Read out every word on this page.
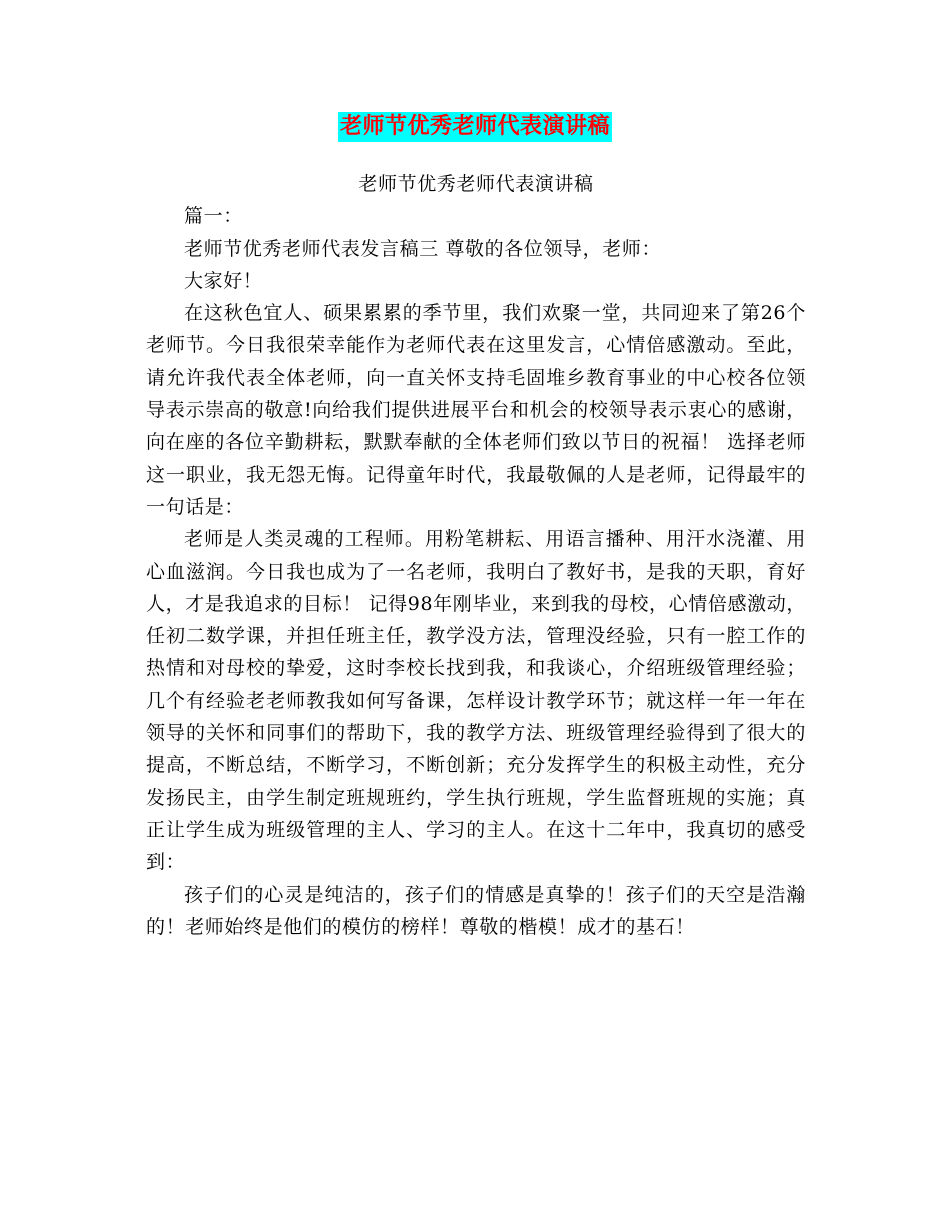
老师节优秀老师代表演讲稿

老师节优秀老师代表演讲稿

篇一：

老师节优秀老师代表发言稿三 尊敬的各位领导，老师：

大家好！

在这秋色宜人、硕果累累的季节里，我们欢聚一堂，共同迎来了第26个老师节。今日我很荣幸能作为老师代表在这里发言，心情倍感激动。至此，请允许我代表全体老师，向一直关怀支持毛固堆乡教育事业的中心校各位领导表示崇高的敬意!向给我们提供进展平台和机会的校领导表示衷心的感谢，向在座的各位辛勤耕耘，默默奉献的全体老师们致以节日的祝福！ 选择老师这一职业，我无怨无悔。记得童年时代，我最敬佩的人是老师，记得最牢的一句话是：

老师是人类灵魂的工程师。用粉笔耕耘、用语言播种、用汗水浇灌、用心血滋润。今日我也成为了一名老师，我明白了教好书，是我的天职，育好人，才是我追求的目标！ 记得98年刚毕业，来到我的母校，心情倍感激动，任初二数学课，并担任班主任，教学没方法，管理没经验，只有一腔工作的热情和对母校的挚爱，这时李校长找到我，和我谈心，介绍班级管理经验；几个有经验老老师教我如何写备课，怎样设计教学环节；就这样一年一年在领导的关怀和同事们的帮助下，我的教学方法、班级管理经验得到了很大的提高，不断总结，不断学习，不断创新；充分发挥学生的积极主动性，充分发扬民主，由学生制定班规班约，学生执行班规，学生监督班规的实施；真正让学生成为班级管理的主人、学习的主人。在这十二年中，我真切的感受到：

孩子们的心灵是纯洁的，孩子们的情感是真挚的！孩子们的天空是浩瀚的！老师始终是他们的模仿的榜样！尊敬的楷模！成才的基石！
